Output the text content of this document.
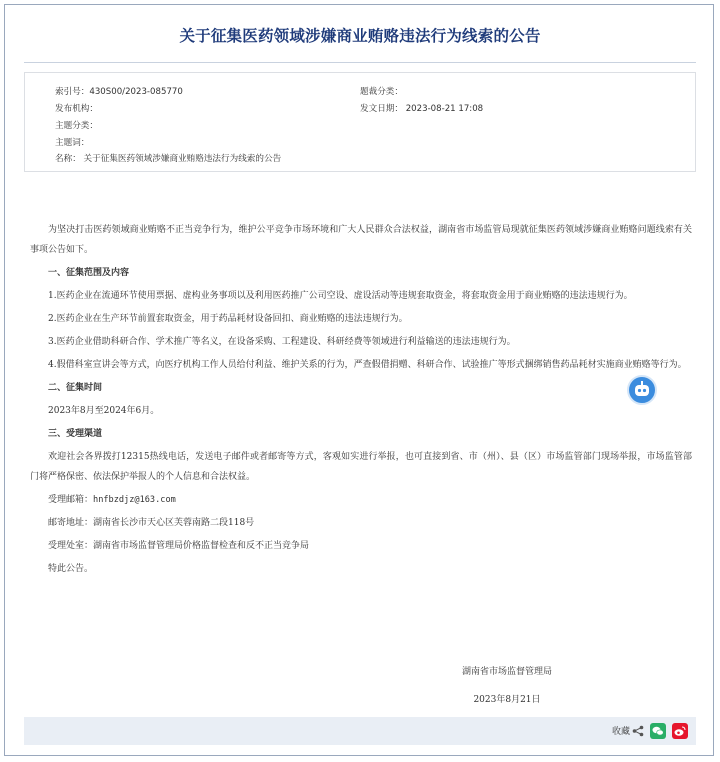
关于征集医药领域涉嫌商业贿赂违法行为线索的公告
索引号：430S00/2023-085770	题裁分类：
发布机构：	发文日期： 2023-08-21 17:08
主题分类：
主题词：
名称： 关于征集医药领域涉嫌商业贿赂违法行为线索的公告

为坚决打击医药领域商业贿赂不正当竞争行为，维护公平竞争市场环境和广大人民群众合法权益，湖南省市场监管局现就征集医药领域涉嫌商业贿赂问题线索有关事项公告如下。

一、征集范围及内容

1.医药企业在流通环节使用票据、虚构业务事项以及利用医药推广公司空设、虚设活动等违规套取资金，将套取资金用于商业贿赂的违法违规行为。

2.医药企业在生产环节前置套取资金，用于药品耗材设备回扣、商业贿赂的违法违规行为。

3.医药企业借助科研合作、学术推广等名义，在设备采购、工程建设、科研经费等领域进行利益输送的违法违规行为。

4.假借科室宣讲会等方式，向医疗机构工作人员给付利益、维护关系的行为，严查假借捐赠、科研合作、试验推广等形式捆绑销售药品耗材实施商业贿赂等行为。

二、征集时间

2023年8月至2024年6月。

三、受理渠道

欢迎社会各界拨打12315热线电话，发送电子邮件或者邮寄等方式，客观如实进行举报，也可直接到省、市（州）、县（区）市场监管部门现场举报，市场监管部门将严格保密、依法保护举报人的个人信息和合法权益。

受理邮箱：hnfbzdjz@163.com

邮寄地址：湖南省长沙市天心区芙蓉南路二段118号

受理处室：湖南省市场监督管理局价格监督检查和反不正当竞争局

特此公告。

湖南省市场监督管理局
2023年8月21日
收藏
